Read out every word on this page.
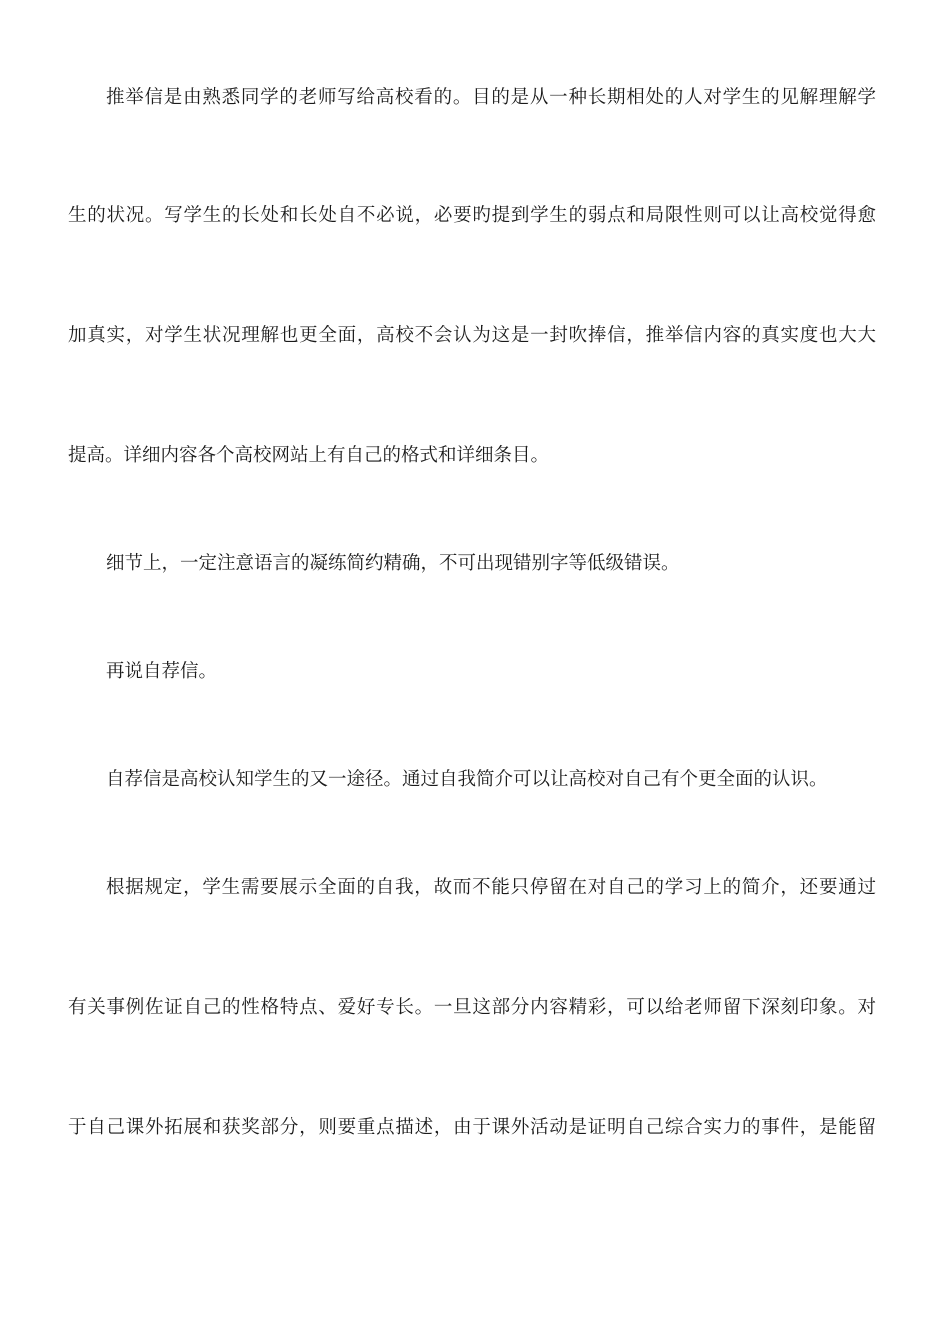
推举信是由熟悉同学的老师写给高校看的。目的是从一种长期相处的人对学生的见解理解学
生的状况。写学生的长处和长处自不必说，必要旳提到学生的弱点和局限性则可以让高校觉得愈
加真实，对学生状况理解也更全面，高校不会认为这是一封吹捧信，推举信内容的真实度也大大
提高。详细内容各个高校网站上有自己的格式和详细条目。
细节上，一定注意语言的凝练简约精确，不可出现错别字等低级错误。
再说自荐信。
自荐信是高校认知学生的又一途径。通过自我简介可以让高校对自己有个更全面的认识。
根据规定，学生需要展示全面的自我，故而不能只停留在对自己的学习上的简介，还要通过
有关事例佐证自己的性格特点、爱好专长。一旦这部分内容精彩，可以给老师留下深刻印象。对
于自己课外拓展和获奖部分，则要重点描述，由于课外活动是证明自己综合实力的事件，是能留
